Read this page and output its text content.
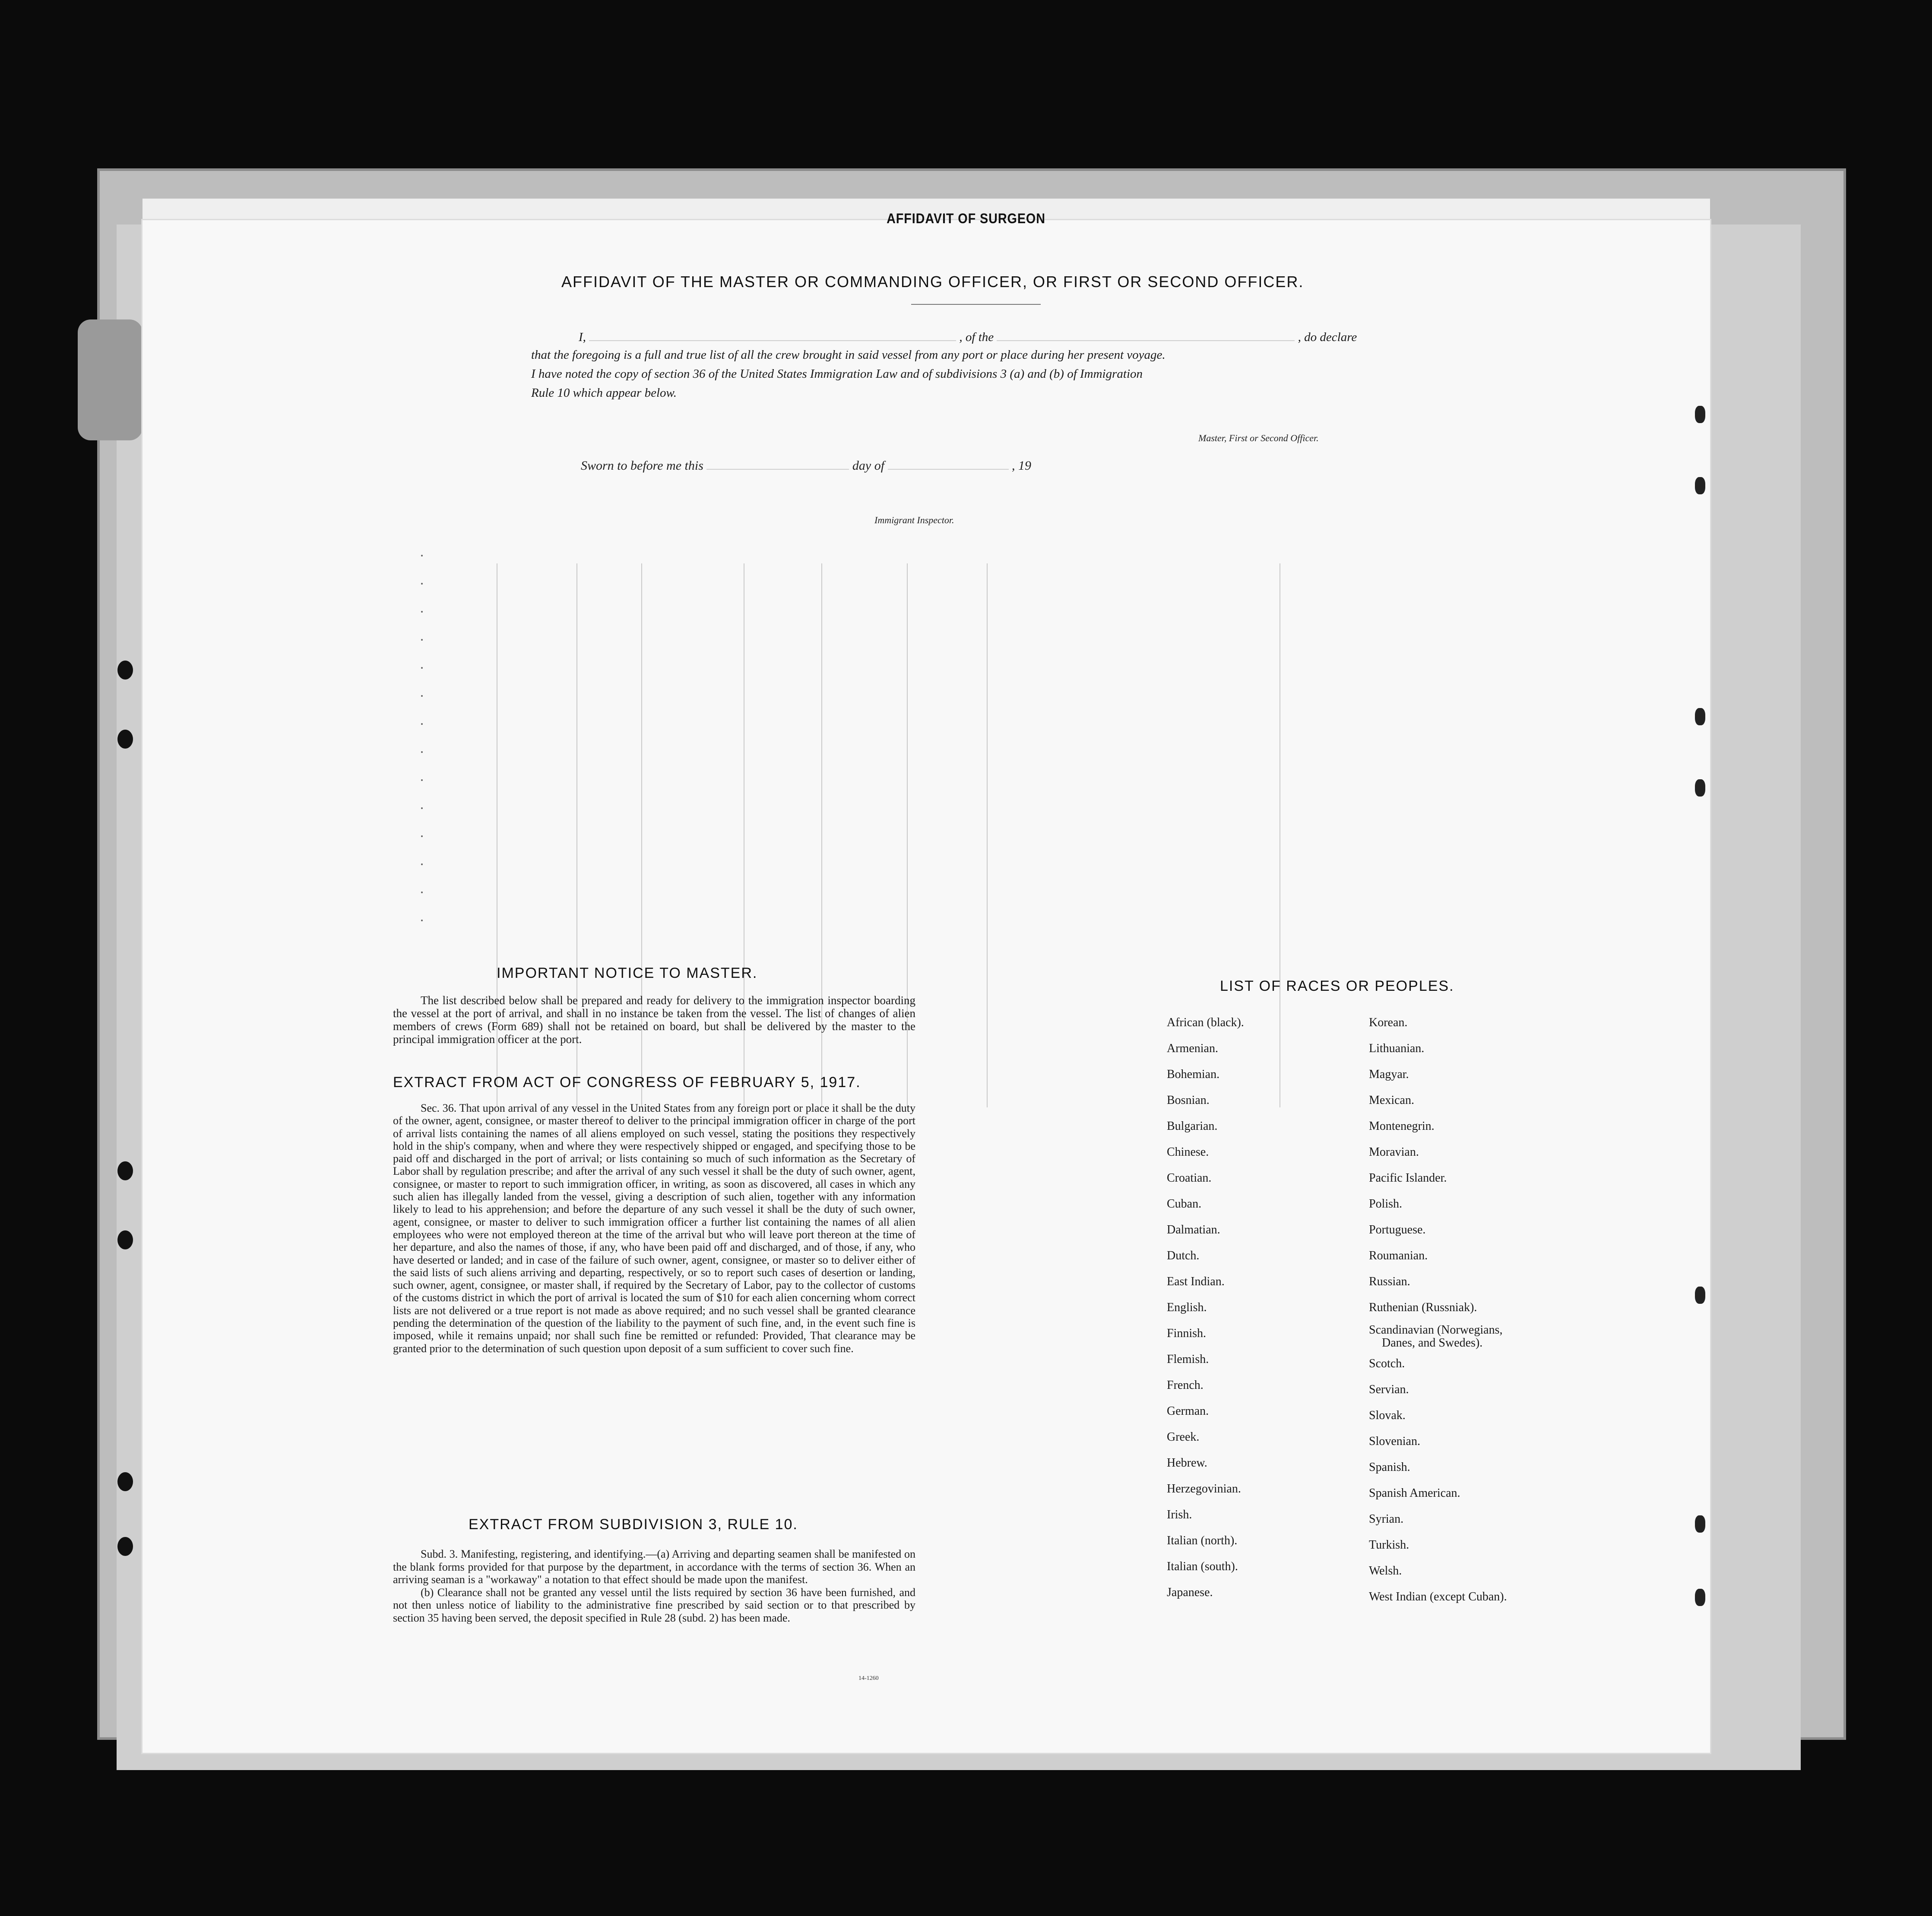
AFFIDAVIT OF SURGEON
AFFIDAVIT OF THE MASTER OR COMMANDING OFFICER, OR FIRST OR SECOND OFFICER.
I,	, of the	, do declare
that the foregoing is a full and true list of all the crew brought in said vessel from any port or place during her present voyage.
I have noted the copy of section 36 of the United States Immigration Law and of subdivisions 3 (a) and (b) of Immigration
Rule 10 which appear below.
Master, First or Second Officer.
Sworn to before me this	day of	, 19
Immigrant Inspector.
IMPORTANT NOTICE TO MASTER.
The list described below shall be prepared and ready for delivery to the immigration inspector boarding the vessel at the port of arrival, and shall in no instance be taken from the vessel. The list of changes of alien members of crews (Form 689) shall not be retained on board, but shall be delivered by the master to the principal immigration officer at the port.
EXTRACT FROM ACT OF CONGRESS OF FEBRUARY 5, 1917.
Sec. 36. That upon arrival of any vessel in the United States from any foreign port or place it shall be the duty of the owner, agent, consignee, or master thereof to deliver to the principal immigration officer in charge of the port of arrival lists containing the names of all aliens employed on such vessel, stating the positions they respectively hold in the ship's company, when and where they were respectively shipped or engaged, and specifying those to be paid off and discharged in the port of arrival; or lists containing so much of such information as the Secretary of Labor shall by regulation prescribe; and after the arrival of any such vessel it shall be the duty of such owner, agent, consignee, or master to report to such immigration officer, in writing, as soon as discovered, all cases in which any such alien has illegally landed from the vessel, giving a description of such alien, together with any information likely to lead to his apprehension; and before the departure of any such vessel it shall be the duty of such owner, agent, consignee, or master to deliver to such immigration officer a further list containing the names of all alien employees who were not employed thereon at the time of the arrival but who will leave port thereon at the time of her departure, and also the names of those, if any, who have been paid off and discharged, and of those, if any, who have deserted or landed; and in case of the failure of such owner, agent, consignee, or master so to deliver either of the said lists of such aliens arriving and departing, respectively, or so to report such cases of desertion or landing, such owner, agent, consignee, or master shall, if required by the Secretary of Labor, pay to the collector of customs of the customs district in which the port of arrival is located the sum of $10 for each alien concerning whom correct lists are not delivered or a true report is not made as above required; and no such vessel shall be granted clearance pending the determination of the question of the liability to the payment of such fine, and, in the event such fine is imposed, while it remains unpaid; nor shall such fine be remitted or refunded: Provided, That clearance may be granted prior to the determination of such question upon deposit of a sum sufficient to cover such fine.
EXTRACT FROM SUBDIVISION 3, RULE 10.

Subd. 3. Manifesting, registering, and identifying.—(a) Arriving and departing seamen shall be manifested on the blank forms provided for that purpose by the department, in accordance with the terms of section 36. When an arriving seaman is a "workaway" a notation to that effect should be made upon the manifest.

(b) Clearance shall not be granted any vessel until the lists required by section 36 have been furnished, and not then unless notice of liability to the administrative fine prescribed by said section or to that prescribed by section 35 having been served, the deposit specified in Rule 28 (subd. 2) has been made.

14-1260
LIST OF RACES OR PEOPLES.
African (black).
Armenian.
Bohemian.
Bosnian.
Bulgarian.
Chinese.
Croatian.
Cuban.
Dalmatian.
Dutch.
East Indian.
English.
Finnish.
Flemish.
French.
German.
Greek.
Hebrew.
Herzegovinian.
Irish.
Italian (north).
Italian (south).
Japanese.
Korean.
Lithuanian.
Magyar.
Mexican.
Montenegrin.
Moravian.
Pacific Islander.
Polish.
Portuguese.
Roumanian.
Russian.
Ruthenian (Russniak).
Scandinavian (Norwegians,
Danes, and Swedes).
Scotch.
Servian.
Slovak.
Slovenian.
Spanish.
Spanish American.
Syrian.
Turkish.
Welsh.
West Indian (except Cuban).
